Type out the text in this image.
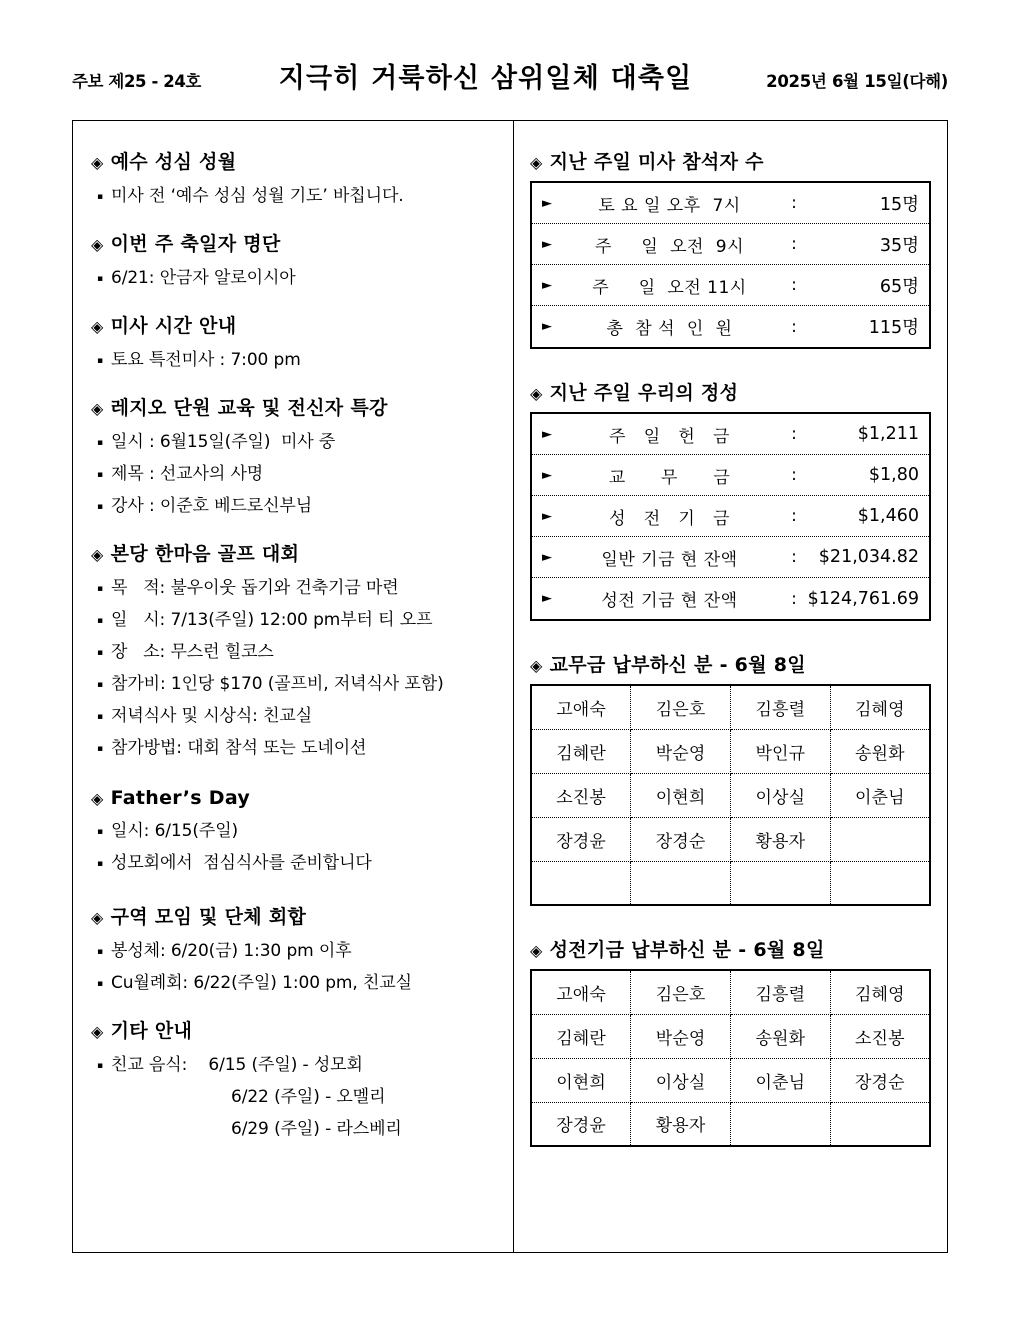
주보 제25 - 24호	지극히 거룩하신 삼위일체 대축일	2025년 6월 15일(다해)
◈ 예수 성심 성월
▪ 미사 전 ‘예수 성심 성월 기도’ 바칩니다.
◈ 이번 주 축일자 명단
▪ 6/21: 안금자 알로이시아
◈ 미사 시간 안내
▪ 토요 특전미사 : 7:00 pm
◈ 레지오 단원 교육 및 전신자 특강
▪ 일시 : 6월15일(주일)  미사 중
▪ 제목 : 선교사의 사명
▪ 강사 : 이준호 베드로신부님
◈ 본당 한마음 골프 대회
▪ 목   적: 불우이웃 돕기와 건축기금 마련
▪ 일   시: 7/13(주일) 12:00 pm부터 티 오프
▪ 장   소: 무스런 힐코스
▪ 참가비: 1인당 $170 (골프비, 저녁식사 포함)
▪ 저녁식사 및 시상식: 친교실
▪ 참가방법: 대회 참석 또는 도네이션
◈ Father’s Day
▪ 일시: 6/15(주일)
▪ 성모회에서  점심식사를 준비합니다
◈ 구역 모임 및 단체 회합
▪ 봉성체: 6/20(금) 1:30 pm 이후
▪ Cu월례회: 6/22(주일) 1:00 pm, 친교실
◈ 기타 안내
▪ 친교 음식:    6/15 (주일) - 성모회
6/22 (주일) - 오멜리
6/29 (주일) - 라스베리
◈ 지난 주일 미사 참석자 수
►	토 요 일 오후  7시	:	15명
►	주     일  오전  9시	:	35명
►	주     일  오전 11시	:	65명
►	총  참 석  인  원	:	115명
◈ 지난 주일 우리의 정성
►	주   일   헌   금	:	$1,211
►	교      무      금	:	$1,80
►	성   전   기   금	:	$1,460
►	일반 기금 현 잔액	:	$21,034.82
►	성전 기금 현 잔액	: $124,761.69
◈ 교무금 납부하신 분 - 6월 8일
고애숙	김은호	김흥렬	김혜영
김혜란	박순영	박인규	송원화
소진봉	이현희	이상실	이춘님
장경윤	장경순	황용자	

◈ 성전기금 납부하신 분 - 6월 8일
고애숙	김은호	김흥렬	김혜영
김혜란	박순영	송원화	소진봉
이현희	이상실	이춘님	장경순
장경윤	황용자		
